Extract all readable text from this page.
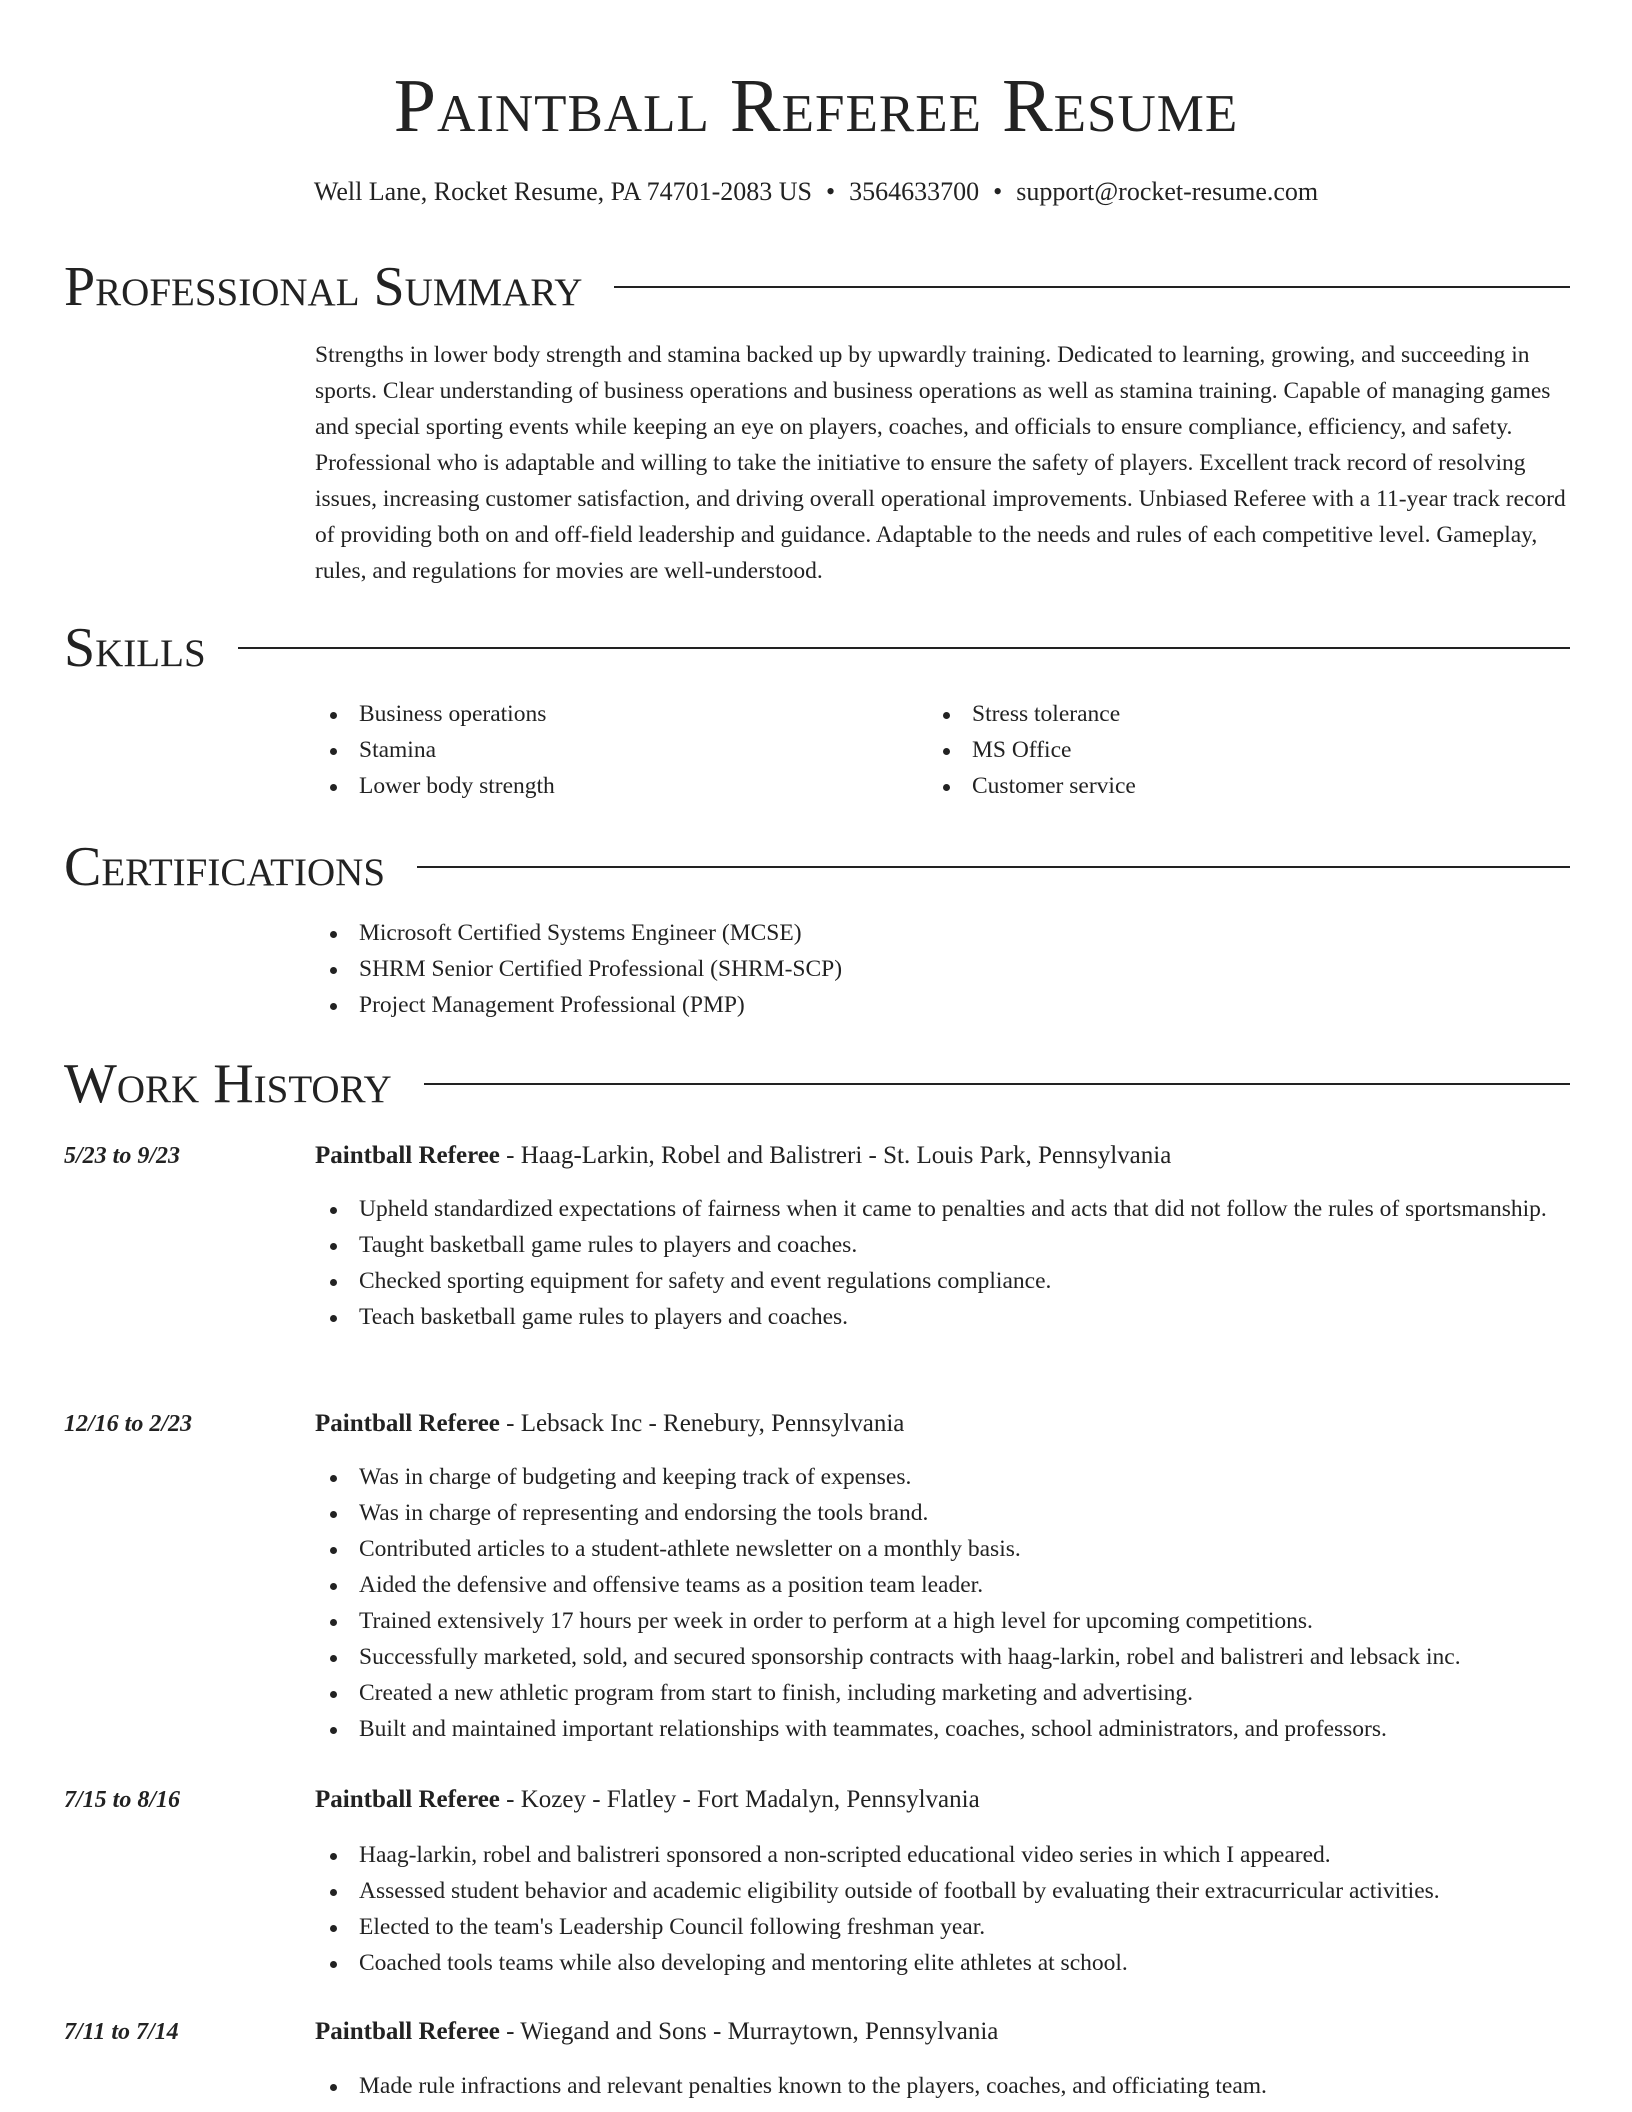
Paintball Referee Resume
Well Lane, Rocket Resume, PA 74701-2083 US • 3564633700 • support@rocket-resume.com
Professional Summary

Strengths in lower body strength and stamina backed up by upwardly training. Dedicated to learning, growing, and succeeding in sports. Clear understanding of business operations and business operations as well as stamina training. Capable of managing games and special sporting events while keeping an eye on players, coaches, and officials to ensure compliance, efficiency, and safety. Professional who is adaptable and willing to take the initiative to ensure the safety of players. Excellent track record of resolving issues, increasing customer satisfaction, and driving overall operational improvements. Unbiased Referee with a 11-year track record of providing both on and off-field leadership and guidance. Adaptable to the needs and rules of each competitive level. Gameplay, rules, and regulations for movies are well-understood.

Skills
Business operations
Stamina
Lower body strength
Stress tolerance
MS Office
Customer service
Certifications
Microsoft Certified Systems Engineer (MCSE)
SHRM Senior Certified Professional (SHRM-SCP)
Project Management Professional (PMP)
Work History
5/23 to 9/23	Paintball Referee - Haag-Larkin, Robel and Balistreri - St. Louis Park, Pennsylvania
Upheld standardized expectations of fairness when it came to penalties and acts that did not follow the rules of sportsmanship.
Taught basketball game rules to players and coaches.
Checked sporting equipment for safety and event regulations compliance.
Teach basketball game rules to players and coaches.
12/16 to 2/23	Paintball Referee - Lebsack Inc - Renebury, Pennsylvania
Was in charge of budgeting and keeping track of expenses.
Was in charge of representing and endorsing the tools brand.
Contributed articles to a student-athlete newsletter on a monthly basis.
Aided the defensive and offensive teams as a position team leader.
Trained extensively 17 hours per week in order to perform at a high level for upcoming competitions.
Successfully marketed, sold, and secured sponsorship contracts with haag-larkin, robel and balistreri and lebsack inc.
Created a new athletic program from start to finish, including marketing and advertising.
Built and maintained important relationships with teammates, coaches, school administrators, and professors.
7/15 to 8/16	Paintball Referee - Kozey - Flatley - Fort Madalyn, Pennsylvania
Haag-larkin, robel and balistreri sponsored a non-scripted educational video series in which I appeared.
Assessed student behavior and academic eligibility outside of football by evaluating their extracurricular activities.
Elected to the team's Leadership Council following freshman year.
Coached tools teams while also developing and mentoring elite athletes at school.
7/11 to 7/14	Paintball Referee - Wiegand and Sons - Murraytown, Pennsylvania
Made rule infractions and relevant penalties known to the players, coaches, and officiating team.
